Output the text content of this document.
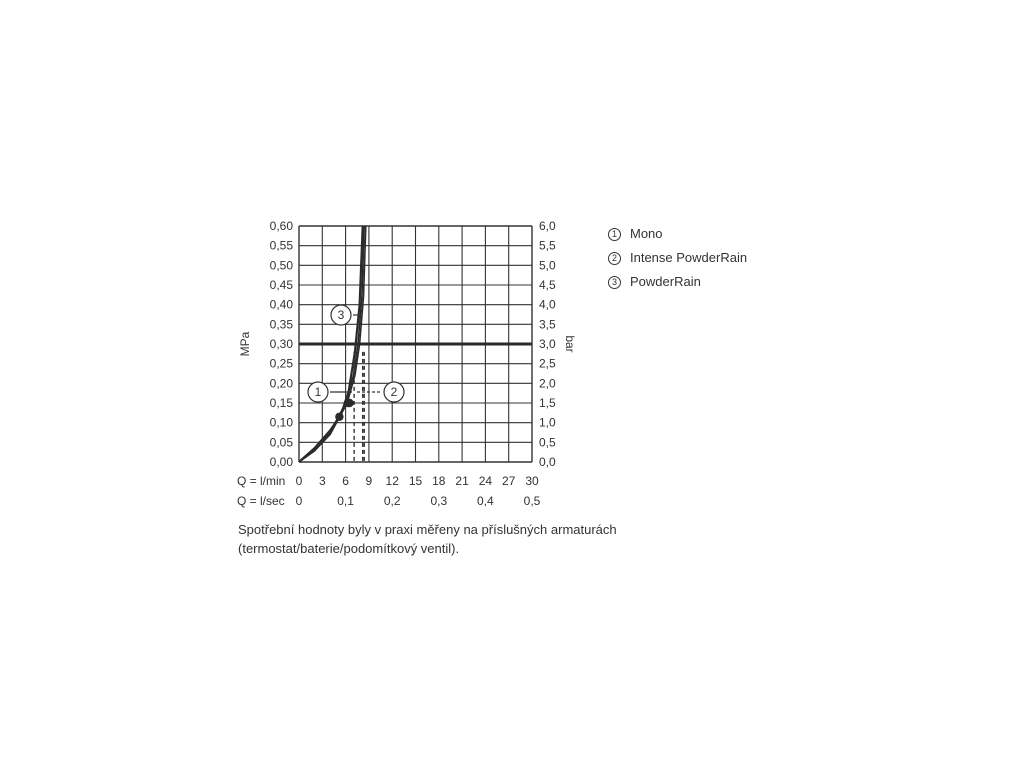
1	2
3
0,00	0,0
0,05	0,5
0,10	1,0
0,15	1,5
0,20	2,0
0,25	2,5
0,30	3,0
0,35	3,5
0,40	4,0
0,45	4,5
0,50	5,0
0,55	5,5
0,60	6,0
Q = l/min 0 3 6 9 12 15 18 21 24 27 30
Q = l/sec 0	0,1 0,2 0,3 0,4 0,5
MPa	bar
1	Mono
2	Intense PowderRain
3	PowderRain
Spotřební hodnoty byly v praxi měřeny na příslušných armaturách (termostat/baterie/podomítkový ventil).
